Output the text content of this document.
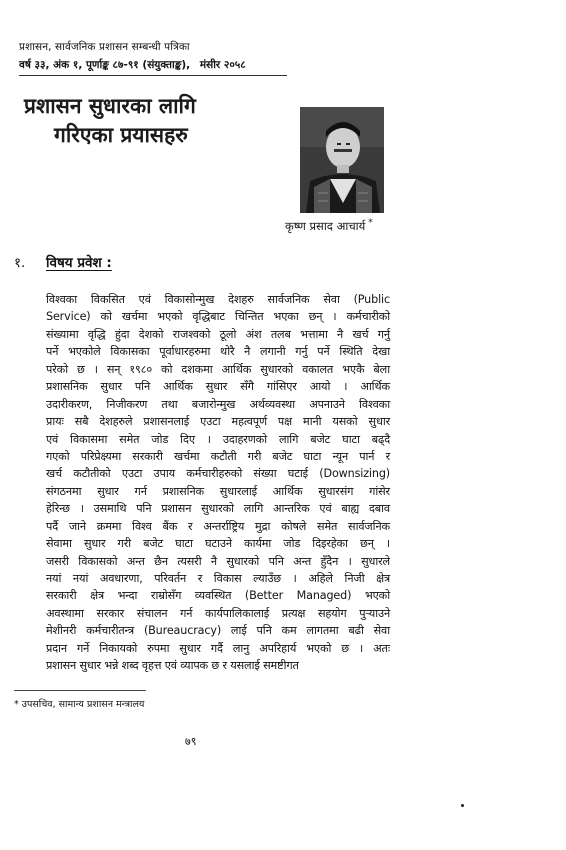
प्रशासन, सार्वजनिक प्रशासन सम्बन्धी पत्रिका
वर्ष ३३, अंक १, पूर्णाङ्क ८७-९१ (संयुक्ताङ्क), मंसीर २०५८
प्रशासन सुधारका लागि
गरिएका प्रयासहरु
कृष्ण प्रसाद आचार्य *
१. विषय प्रवेश :
विश्वका विकसित एवं विकासोन्मुख देशहरु सार्वजनिक सेवा (Public
Service) को खर्चमा भएको वृद्धिबाट चिन्तित भएका छन् । कर्मचारीको
संख्यामा वृद्धि हुंदा देशको राजश्वको ठूलो अंश तलब भत्तामा नै खर्च गर्नु
पर्ने भएकोले विकासका पूर्वाधारहरुमा थोरै नै लगानी गर्नु पर्ने स्थिति देखा
परेको छ । सन् १९८० को दशकमा आर्थिक सुधारको वकालत भएकै बेला
प्रशासनिक सुधार पनि आर्थिक सुधार सँगै गांसिएर आयो । आर्थिक
उदारीकरण, निजीकरण तथा बजारोन्मुख अर्थव्यवस्था अपनाउने विश्वका
प्रायः सबै देशहरुले प्रशासनलाई एउटा महत्वपूर्ण पक्ष मानी यसको सुधार
एवं विकासमा समेत जोड दिए । उदाहरणको लागि बजेट घाटा बढ्दै
गएको परिप्रेक्ष्यमा सरकारी खर्चमा कटौती गरी बजेट घाटा न्यून पार्न र
खर्च कटौतीको एउटा उपाय कर्मचारीहरुको संख्या घटाई (Downsizing)
संगठनमा सुधार गर्न प्रशासनिक सुधारलाई आर्थिक सुधारसंग गांसेर
हेरिन्छ । उसमाथि पनि प्रशासन सुधारको लागि आन्तरिक एवं बाह्य दबाव
पर्दै जाने क्रममा विश्व बैंक र अन्तर्राष्ट्रिय मुद्रा कोषले समेत सार्वजनिक
सेवामा सुधार गरी बजेट घाटा घटाउने कार्यमा जोड दिइरहेका छन् ।
जसरी विकासको अन्त छैन त्यसरी नै सुधारको पनि अन्त हुँदैन । सुधारले
नयां नयां अवधारणा, परिवर्तन र विकास ल्याउँछ । अहिले निजी क्षेत्र
सरकारी क्षेत्र भन्दा राम्रोसँग व्यवस्थित (Better Managed) भएको
अवस्थामा सरकार संचालन गर्न कार्यपालिकालाई प्रत्यक्ष सहयोग पुऱ्याउने
मेशीनरी कर्मचारीतन्त्र (Bureaucracy) लाई पनि कम लागतमा बढी सेवा
प्रदान गर्ने निकायको रुपमा सुधार गर्दै लानु अपरिहार्य भएको छ । अतः
प्रशासन सुधार भन्ने शब्द वृहत्त एवं व्यापक छ र यसलाई समष्टीगत
* उपसचिव, सामान्य प्रशासन मन्त्रालय
७९
